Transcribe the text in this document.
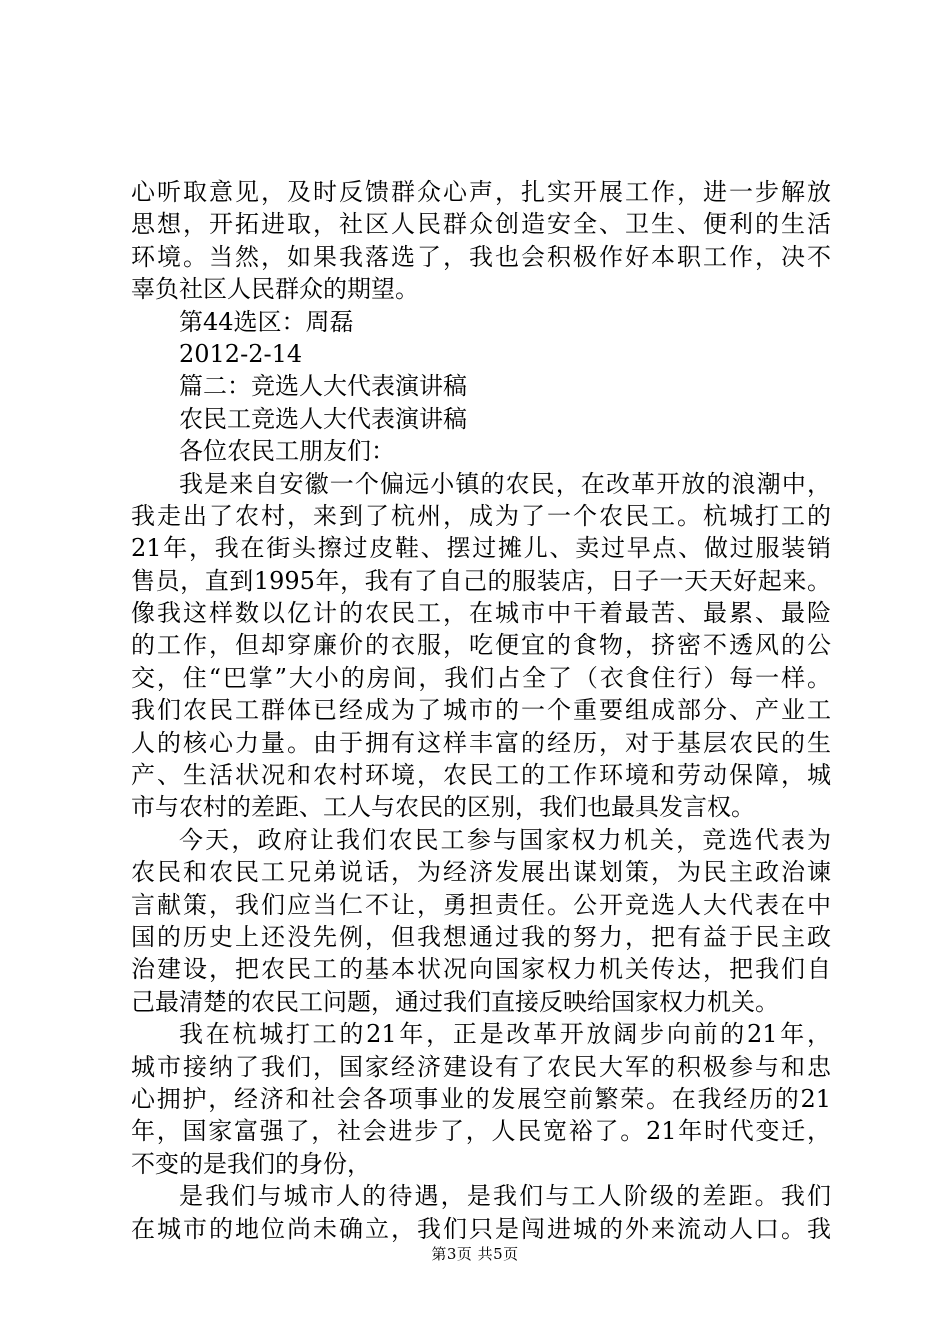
心听取意见，及时反馈群众心声，扎实开展工作，进一步解放
思想，开拓进取，社区人民群众创造安全、卫生、便利的生活
环境。当然，如果我落选了，我也会积极作好本职工作，决不
辜负社区人民群众的期望。
第44选区：周磊
2012-2-14
篇二：竞选人大代表演讲稿
农民工竞选人大代表演讲稿
各位农民工朋友们：
我是来自安徽一个偏远小镇的农民，在改革开放的浪潮中，
我走出了农村，来到了杭州，成为了一个农民工。杭城打工的
21年，我在街头擦过皮鞋、摆过摊儿、卖过早点、做过服装销
售员，直到1995年，我有了自己的服装店，日子一天天好起来。
像我这样数以亿计的农民工，在城市中干着最苦、最累、最险
的工作，但却穿廉价的衣服，吃便宜的食物，挤密不透风的公
交，住“巴掌”大小的房间，我们占全了（衣食住行）每一样。
我们农民工群体已经成为了城市的一个重要组成部分、产业工
人的核心力量。由于拥有这样丰富的经历，对于基层农民的生
产、生活状况和农村环境，农民工的工作环境和劳动保障，城
市与农村的差距、工人与农民的区别，我们也最具发言权。
今天，政府让我们农民工参与国家权力机关，竞选代表为
农民和农民工兄弟说话，为经济发展出谋划策，为民主政治谏
言献策，我们应当仁不让，勇担责任。公开竞选人大代表在中
国的历史上还没先例，但我想通过我的努力，把有益于民主政
治建设，把农民工的基本状况向国家权力机关传达，把我们自
己最清楚的农民工问题，通过我们直接反映给国家权力机关。
我在杭城打工的21年，正是改革开放阔步向前的21年，
城市接纳了我们，国家经济建设有了农民大军的积极参与和忠
心拥护，经济和社会各项事业的发展空前繁荣。在我经历的21
年，国家富强了，社会进步了，人民宽裕了。21年时代变迁，
不变的是我们的身份，
是我们与城市人的待遇，是我们与工人阶级的差距。我们
在城市的地位尚未确立，我们只是闯进城的外来流动人口。我
第3页 共5页
